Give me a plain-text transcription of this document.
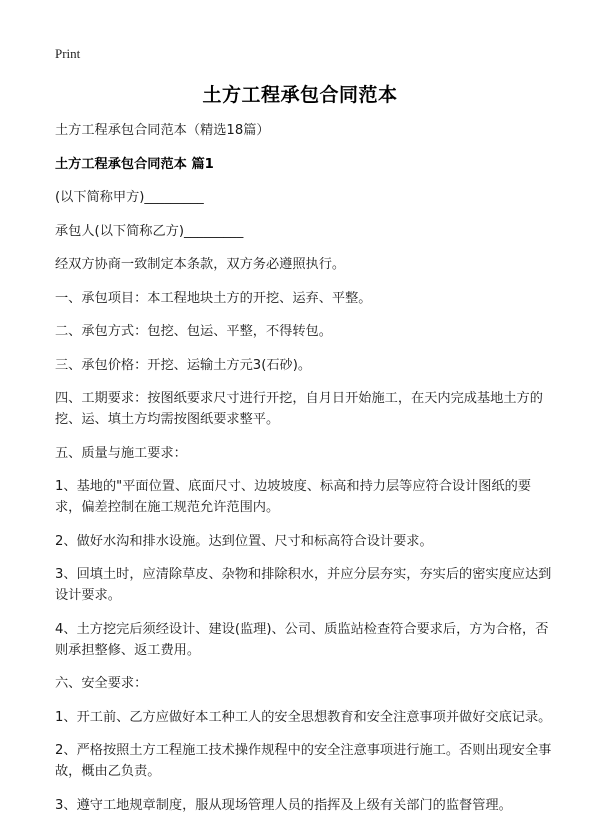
Print
土方工程承包合同范本

土方工程承包合同范本（精选18篇）

土方工程承包合同范本 篇1

(以下简称甲方)_________

承包人(以下简称乙方)_________

经双方协商一致制定本条款，双方务必遵照执行。

一、承包项目：本工程地块土方的开挖、运弃、平整。

二、承包方式：包挖、包运、平整，不得转包。

三、承包价格：开挖、运输土方元3(石砂)。

四、工期要求：按图纸要求尺寸进行开挖，自月日开始施工，在天内完成基地土方的挖、运、填土方均需按图纸要求整平。

五、质量与施工要求：

1、基地的"平面位置、底面尺寸、边坡坡度、标高和持力层等应符合设计图纸的要求，偏差控制在施工规范允许范围内。

2、做好水沟和排水设施。达到位置、尺寸和标高符合设计要求。

3、回填土时，应清除草皮、杂物和排除积水，并应分层夯实，夯实后的密实度应达到设计要求。

4、土方挖完后须经设计、建设(监理)、公司、质监站检查符合要求后，方为合格，否则承担整修、返工费用。

六、安全要求：

1、开工前、乙方应做好本工种工人的安全思想教育和安全注意事项并做好交底记录。

2、严格按照土方工程施工技术操作规程中的安全注意事项进行施工。否则出现安全事故，概由乙负责。

3、遵守工地规章制度，服从现场管理人员的指挥及上级有关部门的监督管理。
